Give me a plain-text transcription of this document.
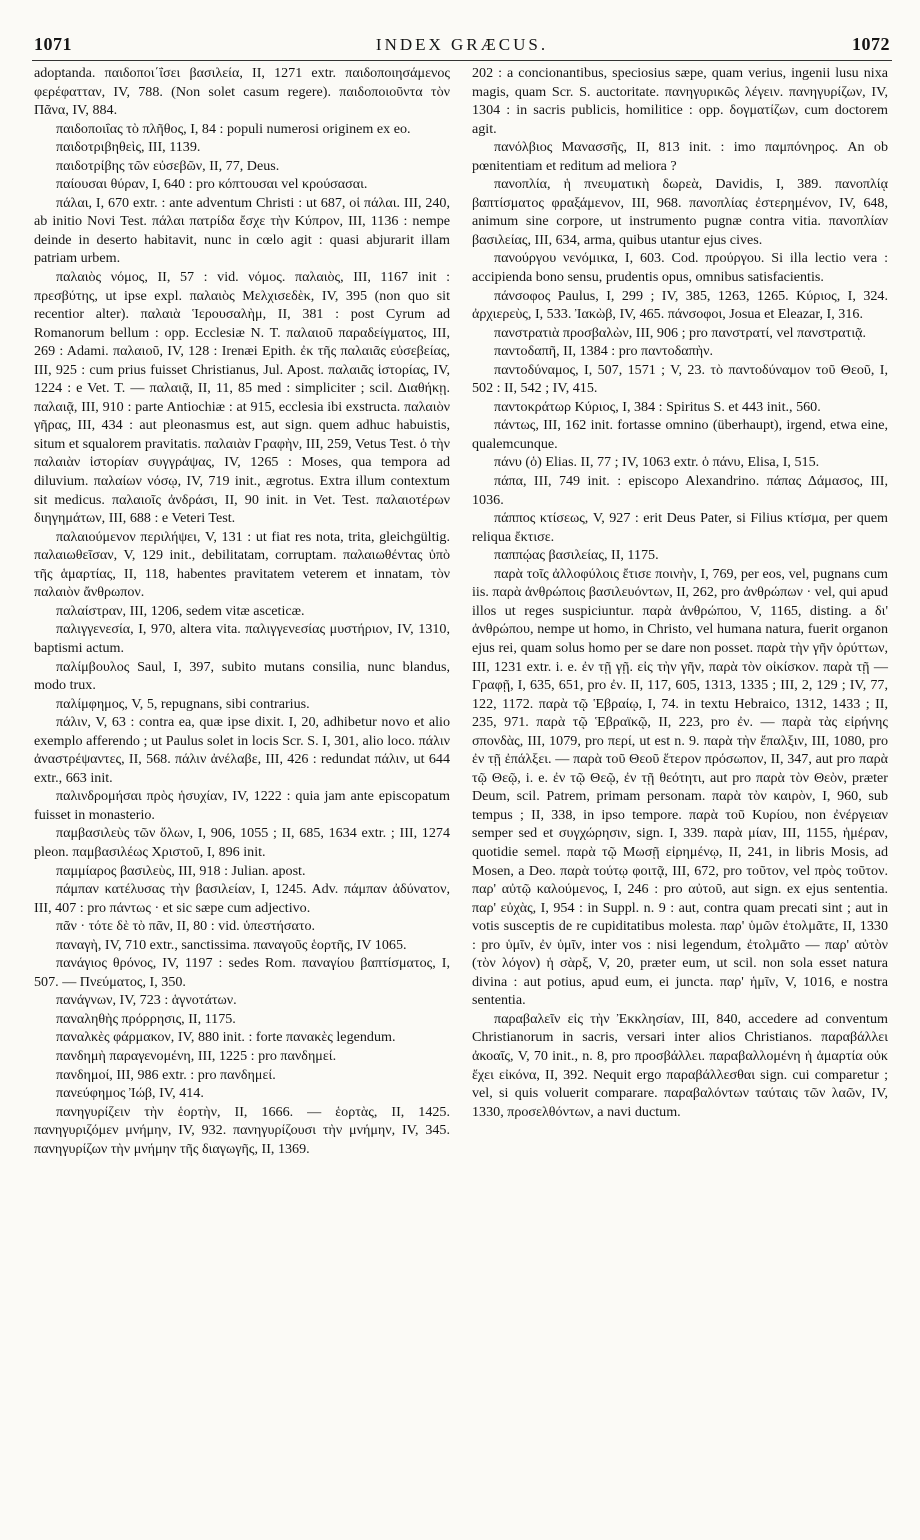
1071	INDEX GRÆCUS.	1072

adoptanda. παιδοποι΄ΐσει βασιλεία, II, 1271 extr. παιδοποιησάμενος φερέφατταν, IV, 788. (Non solet casum regere). παιδοποιοῦντα τὸν Πᾶνα, IV, 884.

παιδοποιΐας τὸ πλῆθος, I, 84 : populi numerosi originem ex eo.

παιδοτριβηθεὶς, III, 1139.

παιδοτρίβης τῶν εὐσεβῶν, II, 77, Deus.

παίουσαι θύραν, I, 640 : pro κόπτουσαι vel κρούσασαι.

πάλαι, I, 670 extr. : ante adventum Christi : ut 687, οἱ πάλαι. III, 240, ab initio Novi Test. πάλαι πατρίδα ἔσχε τὴν Κύπρον, III, 1136 : nempe deinde in deserto habitavit, nunc in cœlo agit : quasi abjurarit illam patriam urbem.

παλαιὸς νόμος, II, 57 : vid. νόμος. παλαιὸς, III, 1167 init : πρεσβύτης, ut ipse expl. παλαιὸς Μελχισεδὲκ, IV, 395 (non quo sit recentior alter). παλαιὰ Ἱερουσαλὴμ, II, 381 : post Cyrum ad Romanorum bellum : opp. Ecclesiæ N. T. παλαιοῦ παραδείγματος, III, 269 : Adami. παλαιοῦ, IV, 128 : Irenæi Epith. ἐκ τῆς παλαιᾶς εὐσεβείας, III, 925 : cum prius fuisset Christianus, Jul. Apost. παλαιᾶς ἱστορίας, IV, 1224 : e Vet. T. — παλαιᾷ, II, 11, 85 med : simpliciter ; scil. Διαθήκῃ. παλαιᾷ, III, 910 : parte Antiochiæ : at 915, ecclesia ibi exstructa. παλαιὸν γῆρας, III, 434 : aut pleonasmus est, aut sign. quem adhuc habuistis, situm et squalorem pravitatis. παλαιὰν Γραφὴν, III, 259, Vetus Test. ὁ τὴν παλαιὰν ἱστορίαν συγγράψας, IV, 1265 : Moses, qua tempora ad diluvium. παλαίων νόσῳ, IV, 719 init., ægrotus. Extra illum contextum sit medicus. παλαιοῖς ἀνδράσι, II, 90 init. in Vet. Test. παλαιοτέρων διηγημάτων, III, 688 : e Veteri Test.

παλαιούμενον περιλήψει, V, 131 : ut fiat res nota, trita, gleichgültig. παλαιωθεῖσαν, V, 129 init., debilitatam, corruptam. παλαιωθέντας ὑπὸ τῆς ἁμαρτίας, II, 118, habentes pravitatem veterem et innatam, τὸν παλαιὸν ἄνθρωπον.

παλαίστραν, III, 1206, sedem vitæ asceticæ.

παλιγγενεσία, I, 970, altera vita. παλιγγενεσίας μυστήριον, IV, 1310, baptismi actum.

παλίμβουλος Saul, I, 397, subito mutans consilia, nunc blandus, modo trux.

παλίμφημος, V, 5, repugnans, sibi contrarius.

πάλιν, V, 63 : contra ea, quæ ipse dixit. I, 20, adhibetur novo et alio exemplo afferendo ; ut Paulus solet in locis Scr. S. I, 301, alio loco. πάλιν ἀναστρέψαντες, II, 568. πάλιν ἀνέλαβε, III, 426 : redundat πάλιν, ut 644 extr., 663 init.

παλινδρομήσαι πρὸς ἡσυχίαν, IV, 1222 : quia jam ante episcopatum fuisset in monasterio.

παμβασιλεὺς τῶν ὅλων, I, 906, 1055 ; II, 685, 1634 extr. ; III, 1274 pleon. παμβασιλέως Χριστοῦ, I, 896 init.

παμμίαρος βασιλεὺς, III, 918 : Julian. apost.

πάμπαν κατέλυσας τὴν βασιλείαν, I, 1245. Adv. πάμπαν ἀδύνατον, III, 407 : pro πάντως · et sic sæpe cum adjectivo.

πᾶν · τότε δὲ τὸ πᾶν, II, 80 : vid. ὑπεστήσατο.

παναγὴ, IV, 710 extr., sanctissima. παναγοῦς ἑορτῆς, IV 1065.

πανάγιος θρόνος, IV, 1197 : sedes Rom. παναγίου βαπτίσματος, I, 507. — Πνεύματος, I, 350.

πανάγνων, IV, 723 : ἁγνοτάτων.

παναληθὴς πρόρρησις, II, 1175.

παναλκὲς φάρμακον, IV, 880 init. : forte πανακὲς legendum.

πανδημὴ παραγενομένη, III, 1225 : pro πανδημεί.

πανδημοί, III, 986 extr. : pro πανδημεί.

πανεύφημος Ἰώβ, IV, 414.

πανηγυρίζειν τὴν ἑορτὴν, II, 1666. — ἑορτὰς, II, 1425. πανηγυριζόμεν μνήμην, IV, 932. πανηγυρίζουσι τὴν μνήμην, IV, 345. πανηγυρίζων τὴν μνήμην τῆς διαγωγῆς, II, 1369.

202 : a concionantibus, speciosius sæpe, quam verius, ingenii lusu nixa magis, quam Scr. S. auctoritate. πανηγυρικῶς λέγειν. πανηγυρίζων, IV, 1304 : in sacris publicis, homilitice : opp. δογματίζων, cum doctorem agit.

πανόλβιος Μανασσῆς, II, 813 init. : imo παμπόνηρος. An ob pœnitentiam et reditum ad meliora ?

πανοπλία, ἡ πνευματικὴ δωρεὰ, Davidis, I, 389. πανοπλίᾳ βαπτίσματος φραξάμενον, III, 968. πανοπλίας ἐστερημένον, IV, 648, animum sine corpore, ut instrumento pugnæ contra vitia. πανοπλίαν βασιλείας, III, 634, arma, quibus utantur ejus cives.

πανούργου νενόμικα, I, 603. Cod. προύργου. Si illa lectio vera : accipienda bono sensu, prudentis opus, omnibus satisfacientis.

πάνσοφος Paulus, I, 299 ; IV, 385, 1263, 1265. Κύριος, I, 324. ἀρχιερεὺς, I, 533. Ἰακὼβ, IV, 465. πάνσοφοι, Josua et Eleazar, I, 316.

πανστρατιὰ προσβαλὼν, III, 906 ; pro πανστρατί, vel πανστρατιᾷ.

παντοδαπῆ, II, 1384 : pro παντοδαπὴν.

παντοδύναμος, I, 507, 1571 ; V, 23. τὸ παντοδύναμον τοῦ Θεοῦ, I, 502 : II, 542 ; IV, 415.

παντοκράτωρ Κύριος, I, 384 : Spiritus S. et 443 init., 560.

πάντως, III, 162 init. fortasse omnino (überhaupt), irgend, etwa eine, qualemcunque.

πάνυ (ὁ) Elias. II, 77 ; IV, 1063 extr. ὁ πάνυ, Elisa, I, 515.

πάπα, III, 749 init. : episcopo Alexandrino. πάπας Δάμασος, III, 1036.

πάππος κτίσεως, V, 927 : erit Deus Pater, si Filius κτίσμα, per quem reliqua ἔκτισε.

παππῴας βασιλείας, II, 1175.

παρὰ τοῖς ἀλλοφύλοις ἔτισε ποινὴν, I, 769, per eos, vel, pugnans cum iis. παρὰ ἀνθρώποις βασιλευόντων, II, 262, pro ἀνθρώπων · vel, qui apud illos ut reges suspiciuntur. παρὰ ἀνθρώπου, V, 1165, disting. a δι' ἀνθρώπου, nempe ut homo, in Christo, vel humana natura, fuerit organon ejus rei, quam solus homo per se dare non posset. παρὰ τὴν γῆν ὀρύττων, III, 1231 extr. i. e. ἐν τῇ γῇ. εἰς τὴν γῆν, παρὰ τὸν οἰκίσκον. παρὰ τῇ — Γραφῇ, I, 635, 651, pro ἐν. II, 117, 605, 1313, 1335 ; III, 2, 129 ; IV, 77, 122, 1172. παρὰ τῷ Ἑβραίῳ, I, 74. in textu Hebraico, 1312, 1433 ; II, 235, 971. παρὰ τῷ Ἑβραϊκῷ, II, 223, pro ἐν. — παρὰ τὰς εἰρήνης σπονδὰς, III, 1079, pro περί, ut est n. 9. παρὰ τὴν ἔπαλξιν, III, 1080, pro ἐν τῇ ἐπάλξει. — παρὰ τοῦ Θεοῦ ἕτερον πρόσωπον, II, 347, aut pro παρὰ τῷ Θεῷ, i. e. ἐν τῷ Θεῷ, ἐν τῇ θεότητι, aut pro παρὰ τὸν Θεὸν, præter Deum, scil. Patrem, primam personam. παρὰ τὸν καιρὸν, I, 960, sub tempus ; II, 338, in ipso tempore. παρὰ τοῦ Κυρίου, non ἐνέργειαν semper sed et συγχώρησιν, sign. I, 339. παρὰ μίαν, III, 1155, ἡμέραν, quotidie semel. παρὰ τῷ Μωσῇ εἰρημένῳ, II, 241, in libris Mosis, ad Mosen, a Deo. παρὰ τούτῳ φοιτᾷ, III, 672, pro τοῦτον, vel πρὸς τοῦτον. παρ' αὐτῷ καλούμενος, I, 246 : pro αὐτοῦ, aut sign. ex ejus sententia. παρ' εὐχὰς, I, 954 : in Suppl. n. 9 : aut, contra quam precati sint ; aut in votis susceptis de re cupiditatibus molesta. παρ' ὑμῶν ἐτολμᾶτε, II, 1330 : pro ὑμῖν, ἐν ὑμῖν, inter vos : nisi legendum, ἐτολμᾶτο — παρ' αὐτὸν (τὸν λόγον) ἡ σὰρξ, V, 20, præter eum, ut scil. non sola esset natura divina : aut potius, apud eum, ei juncta. παρ' ἡμῖν, V, 1016, e nostra sententia.

παραβαλεῖν εἰς τὴν Ἐκκλησίαν, III, 840, accedere ad conventum Christianorum in sacris, versari inter alios Christianos. παραβάλλει ἀκοαῖς, V, 70 init., n. 8, pro προσβάλλει. παραβαλλομένη ἡ ἁμαρτία οὐκ ἔχει εἰκόνα, II, 392. Nequit ergo παραβάλλεσθαι sign. cui comparetur ; vel, si quis voluerit comparare. παραβαλόντων ταύταις τῶν λαῶν, IV, 1330, προσελθόντων, a navi ductum.
